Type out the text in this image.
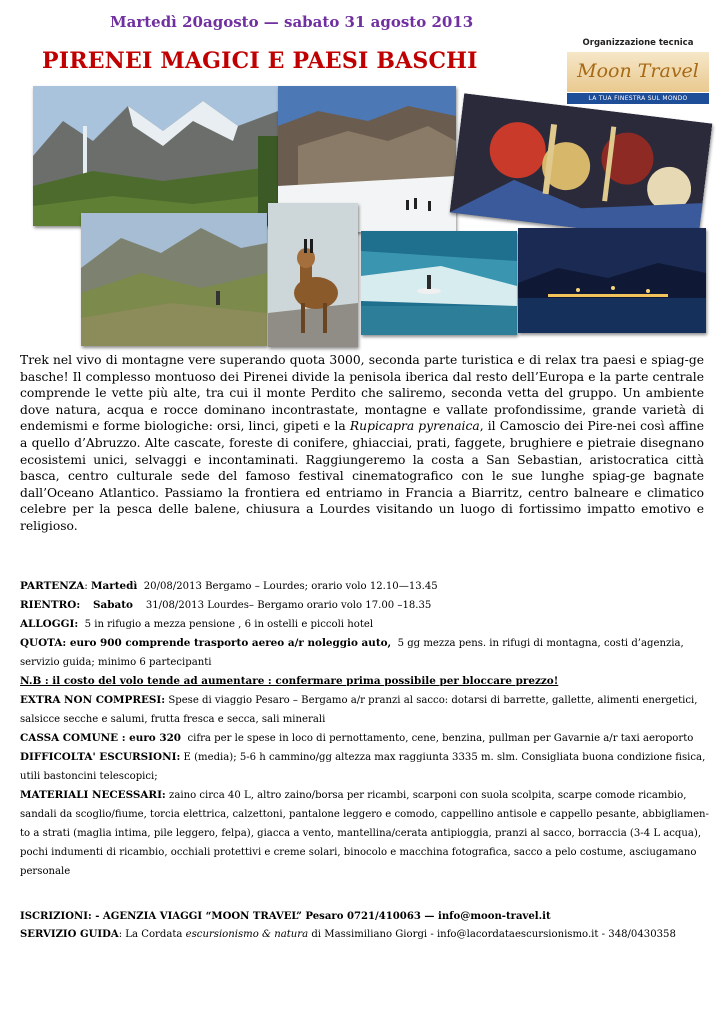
Martedì 20agosto — sabato 31 agosto 2013
PIRENEI MAGICI E PAESI BASCHI
Organizzazione tecnica
Moon Travel
LA TUA FINESTRA SUL MONDO
Trek nel vivo di montagne vere superando quota 3000, seconda parte turistica e di relax tra paesi e spiag-ge basche! Il complesso montuoso dei Pirenei divide la penisola iberica dal resto dell’Europa e la parte centrale comprende le vette più alte, tra cui il monte Perdito che saliremo, seconda vetta del gruppo. Un ambiente dove natura, acqua e rocce dominano incontrastate, montagne e vallate profondissime, grande varietà di endemismi e forme biologiche: orsi, linci, gipeti e la Rupicapra pyrenaica, il Camoscio dei Pire-nei così affine a quello d’Abruzzo. Alte cascate, foreste di conifere, ghiacciai, prati, faggete, brughiere e pietraie disegnano ecosistemi unici, selvaggi e incontaminati. Raggiungeremo la costa a San Sebastian, aristocratica città basca, centro culturale sede del famoso festival cinematografico con le sue lunghe spiag-ge bagnate dall’Oceano Atlantico. Passiamo la frontiera ed entriamo in Francia a Biarritz, centro balneare e climatico celebre per la pesca delle balene, chiusura a Lourdes visitando un luogo di fortissimo impatto emotivo e religioso.

PARTENZA: Martedì 20/08/2013 Bergamo – Lourdes; orario volo 12.10—13.45

RIENTRO: Sabato 31/08/2013 Lourdes– Bergamo orario volo 17.00 –18.35

ALLOGGI: 5 in rifugio a mezza pensione , 6 in ostelli e piccoli hotel

QUOTA: euro 900 comprende trasporto aereo a/r noleggio auto, 5 gg mezza pens. in rifugi di montagna, costi d’agenzia, servizio guida; minimo 6 partecipanti

N.B : il costo del volo tende ad aumentare : confermare prima possibile per bloccare prezzo!

EXTRA NON COMPRESI: Spese di viaggio Pesaro – Bergamo a/r pranzi al sacco: dotarsi di barrette, gallette, alimenti energetici, salsicce secche e salumi, frutta fresca e secca, sali minerali

CASSA COMUNE : euro 320 cifra per le spese in loco di pernottamento, cene, benzina, pullman per Gavarnie a/r taxi aeroporto

DIFFICOLTA' ESCURSIONI: E (media); 5-6 h cammino/gg altezza max raggiunta 3335 m. slm. Consigliata buona condizione fisica, utili bastoncini telescopici;

MATERIALI NECESSARI: zaino circa 40 L, altro zaino/borsa per ricambi, scarponi con suola scolpita, scarpe comode ricambio, sandali da scoglio/fiume, torcia elettrica, calzettoni, pantalone leggero e comodo, cappellino antisole e cappello pesante, abbigliamen-to a strati (maglia intima, pile leggero, felpa), giacca a vento, mantellina/cerata antipioggia, pranzi al sacco, borraccia (3-4 L acqua), pochi indumenti di ricambio, occhiali protettivi e creme solari, binocolo e macchina fotografica, sacco a pelo costume, asciugamano personale

ISCRIZIONI: - AGENZIA VIAGGI “MOON TRAVEL” Pesaro 0721/410063 — info@moon-travel.it

SERVIZIO GUIDA: La Cordata escursionismo & natura di Massimiliano Giorgi - info@lacordataescursionismo.it - 348/0430358
